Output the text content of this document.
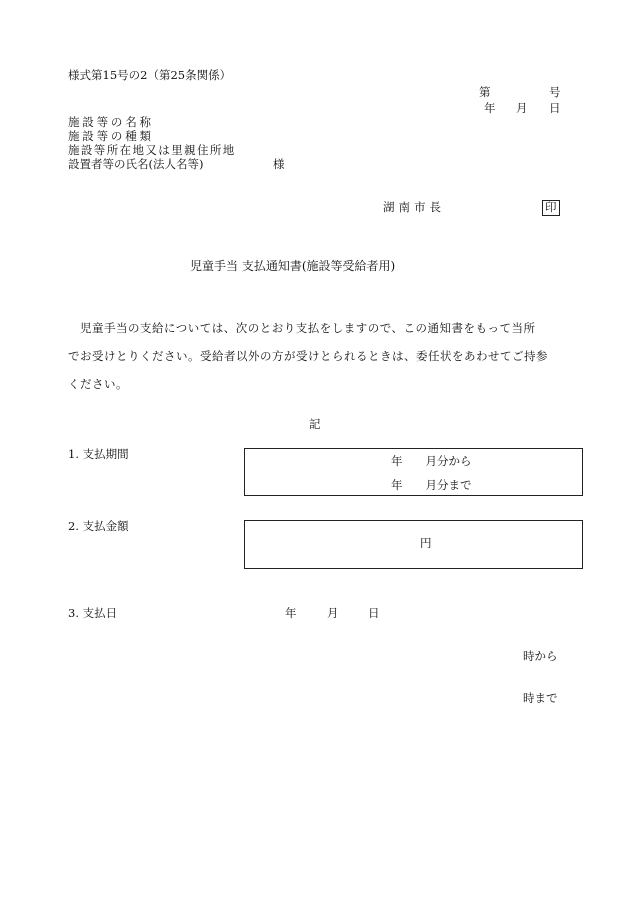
様式第15号の2（第25条関係）
第	号
年 月 日
施設等の名称
施設等の種類
施設等所在地又は里親住所地
設置者等の氏名(法人名等)	様
湖南市長	印
児童手当 支払通知書(施設等受給者用)
児童手当の支給については、次のとおり支払をしますので、この通知書をもって当所
でお受けとりください。受給者以外の方が受けとられるときは、委任状をあわせてご持参
ください。
記
1. 支払期間	年　　月分から
年　　月分まで
2. 支払金額
円
3. 支払日	年	月	日
時から
時まで
